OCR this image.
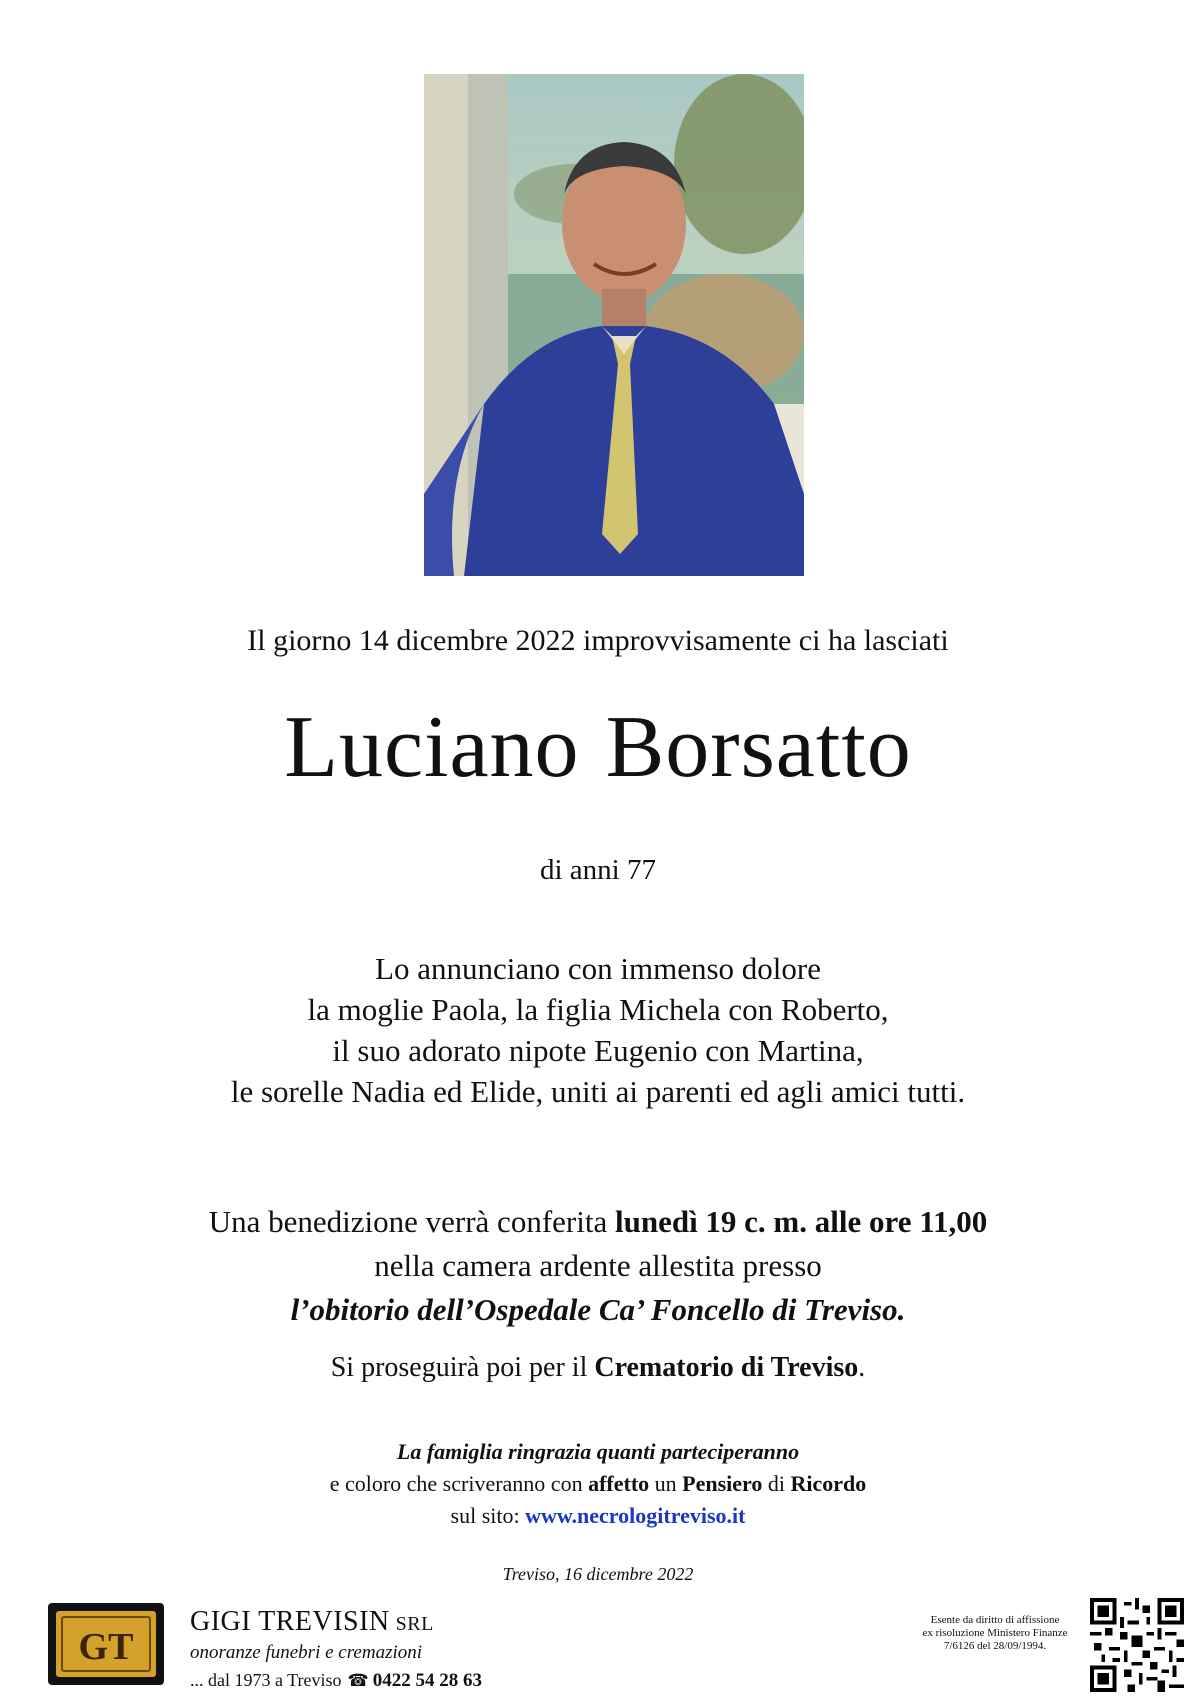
Il giorno 14 dicembre 2022 improvvisamente ci ha lasciati
Luciano Borsatto
di anni 77
Lo annunciano con immenso dolore
la moglie Paola, la figlia Michela con Roberto,
il suo adorato nipote Eugenio con Martina,
le sorelle Nadia ed Elide, uniti ai parenti ed agli amici tutti.
Una benedizione verrà conferita lunedì 19 c. m. alle ore 11,00
nella camera ardente allestita presso
l’obitorio dell’Ospedale Ca’ Foncello di Treviso.
Si proseguirà poi per il Crematorio di Treviso.
La famiglia ringrazia quanti parteciperanno
e coloro che scriveranno con affetto un Pensiero di Ricordo
sul sito: www.necrologitreviso.it
Treviso, 16 dicembre 2022
GT
GIGI TREVISIN SRL
onoranze funebri e cremazioni
... dal 1973 a Treviso ☎ 0422 54 28 63
Esente da diritto di affissione
ex risoluzione Ministero Finanze
7/6126 del 28/09/1994.
